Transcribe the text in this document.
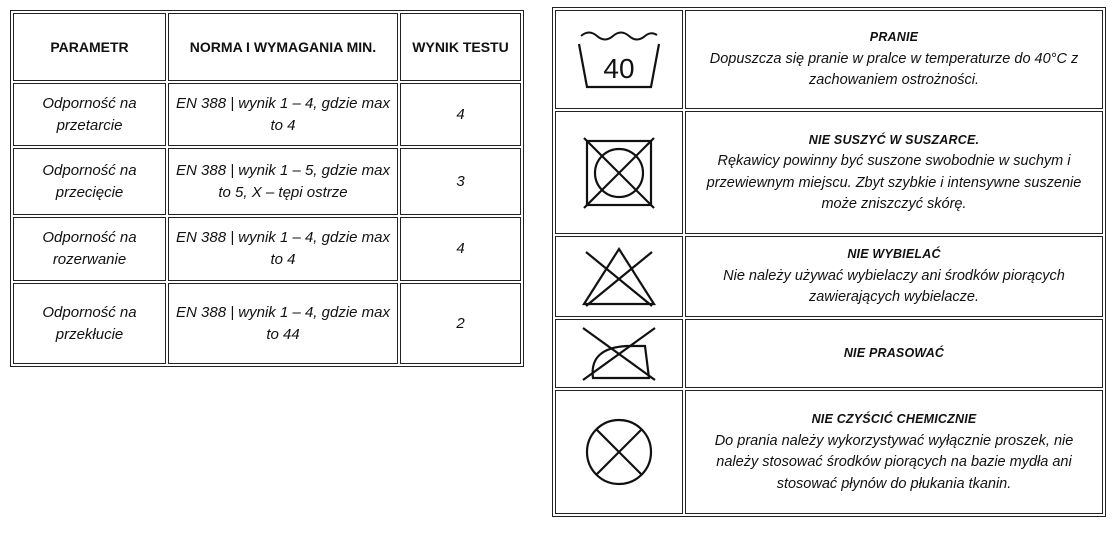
PARAMETR	NORMA I WYMAGANIA MIN.	WYNIK TESTU
Odporność na przetarcie	EN 388 | wynik 1 – 4, gdzie max to 4	4
Odporność na przecięcie	EN 388 | wynik 1 – 5, gdzie max to 5, X – tępi ostrze	3
Odporność na rozerwanie	EN 388 | wynik 1 – 4, gdzie max to 4	4
Odporność na przekłucie	EN 388 | wynik 1 – 4, gdzie max to 44	2
40	PRANIE
Dopuszcza się pranie w pralce w temperaturze do 40°C z zachowaniem ostrożności.

NIE SUSZYĆ W SUSZARCE.
Rękawicy powinny być suszone swobodnie w suchym i przewiewnym miejscu. Zbyt szybkie i intensywne suszenie może zniszczyć skórę.

NIE WYBIELAĆ
Nie należy używać wybielaczy ani środków piorących zawierających wybielacze.

NIE PRASOWAĆ

NIE CZYŚCIĆ CHEMICZNIE
Do prania należy wykorzystywać wyłącznie proszek, nie należy stosować środków piorących na bazie mydła ani stosować płynów do płukania tkanin.
